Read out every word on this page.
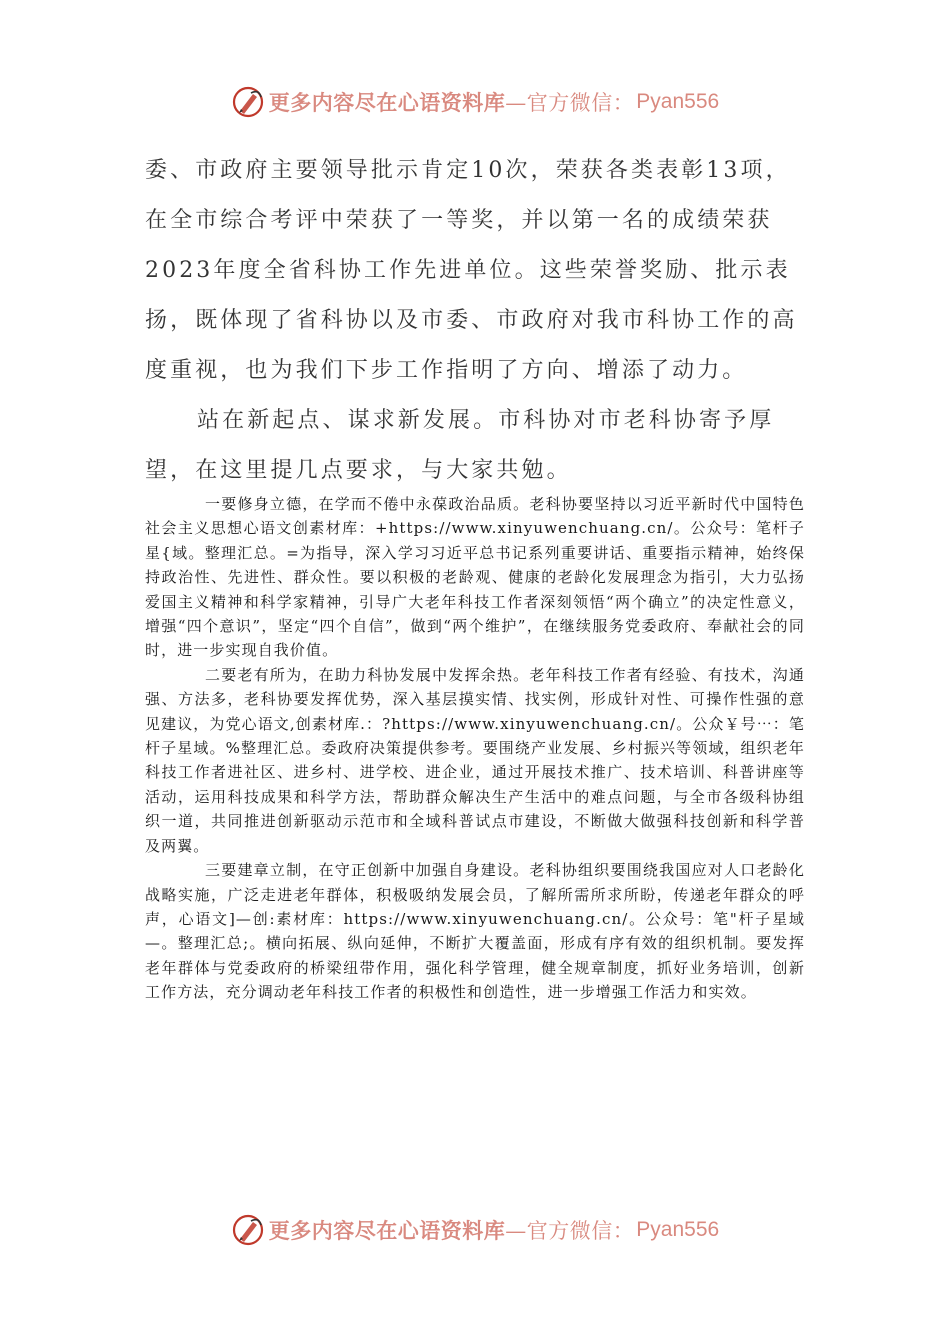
更多内容尽在心语资料库 —官方微信： Pyan556

委、市政府主要领导批示肯定10次，荣获各类表彰13项，在全市综合考评中荣获了一等奖，并以第一名的成绩荣获2023年度全省科协工作先进单位。这些荣誉奖励、批示表扬，既体现了省科协以及市委、市政府对我市科协工作的高度重视，也为我们下步工作指明了方向、增添了动力。

站在新起点、谋求新发展。市科协对市老科协寄予厚望，在这里提几点要求，与大家共勉。

一要修身立德，在学而不倦中永葆政治品质。老科协要坚持以习近平新时代中国特色社会主义思想心语文创素材库：+https://www.xinyuwenchuang.cn/。公众号：笔杆子星{域。整理汇总。=为指导，深入学习习近平总书记系列重要讲话、重要指示精神，始终保持政治性、先进性、群众性。要以积极的老龄观、健康的老龄化发展理念为指引，大力弘扬爱国主义精神和科学家精神，引导广大老年科技工作者深刻领悟“两个确立”的决定性意义，增强“四个意识”，坚定“四个自信”，做到“两个维护”，在继续服务党委政府、奉献社会的同时，进一步实现自我价值。

二要老有所为，在助力科协发展中发挥余热。老年科技工作者有经验、有技术，沟通强、方法多，老科协要发挥优势，深入基层摸实情、找实例，形成针对性、可操作性强的意见建议，为党心语文,创素材库.：?https://www.xinyuwenchuang.cn/。公众￥号⋯：笔杆子星域。%整理汇总。委政府决策提供参考。要围绕产业发展、乡村振兴等领域，组织老年科技工作者进社区、进乡村、进学校、进企业，通过开展技术推广、技术培训、科普讲座等活动，运用科技成果和科学方法，帮助群众解决生产生活中的难点问题，与全市各级科协组织一道，共同推进创新驱动示范市和全域科普试点市建设，不断做大做强科技创新和科学普及两翼。

三要建章立制，在守正创新中加强自身建设。老科协组织要围绕我国应对人口老龄化战略实施，广泛走进老年群体，积极吸纳发展会员，了解所需所求所盼，传递老年群众的呼声，心语文]—创:素材库：https://www.xinyuwenchuang.cn/。公众号：笔"杆子星域—。整理汇总;。横向拓展、纵向延伸，不断扩大覆盖面，形成有序有效的组织机制。要发挥老年群体与党委政府的桥梁纽带作用，强化科学管理，健全规章制度，抓好业务培训，创新工作方法，充分调动老年科技工作者的积极性和创造性，进一步增强工作活力和实效。

更多内容尽在心语资料库 —官方微信： Pyan556
